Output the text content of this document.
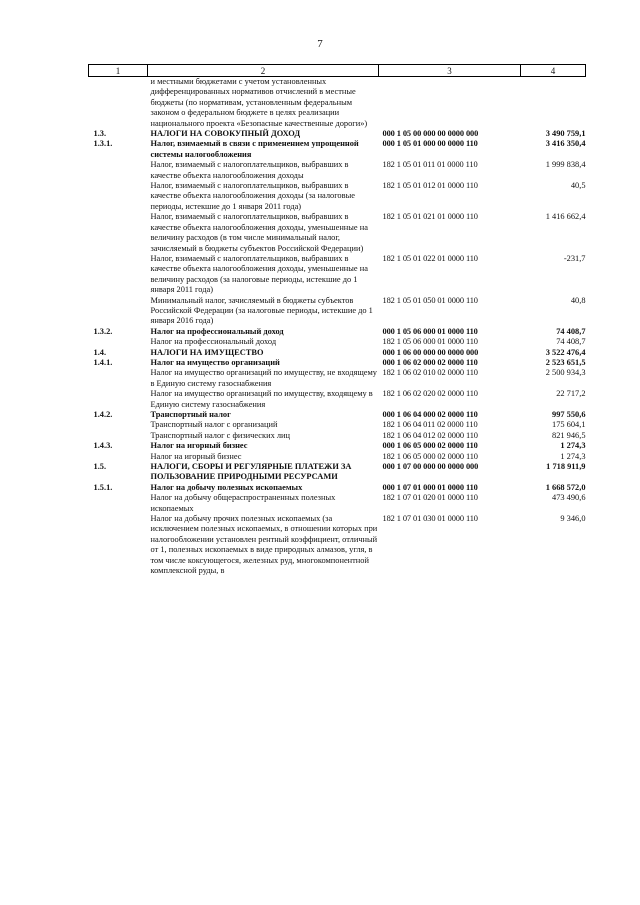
7
1	2	3	4
	и местными бюджетами с учетом установленных дифференцированных нормативов отчислений в местные бюджеты (по нормативам, установленным федеральным законом о федеральном бюджете в целях реализации национального проекта «Безопасные качественные дороги»)		
1.3.	НАЛОГИ НА СОВОКУПНЫЙ ДОХОД	000 1 05 00 000 00 0000 000	3 490 759,1
1.3.1.	Налог, взимаемый в связи с применением упрощенной системы налогообложения	000 1 05 01 000 00 0000 110	3 416 350,4
	Налог, взимаемый с налогоплательщиков, выбравших в качестве объекта налогообложения доходы	182 1 05 01 011 01 0000 110	1 999 838,4
	Налог, взимаемый с налогоплательщиков, выбравших в качестве объекта налогообложения доходы (за налоговые периоды, истекшие до 1 января 2011 года)	182 1 05 01 012 01 0000 110	40,5
	Налог, взимаемый с налогоплательщиков, выбравших в качестве объекта налогообложения доходы, уменьшенные на величину расходов (в том числе минимальный налог, зачисляемый в бюджеты субъектов Российской Федерации)	182 1 05 01 021 01 0000 110	1 416 662,4
	Налог, взимаемый с налогоплательщиков, выбравших в качестве объекта налогообложения доходы, уменьшенные на величину расходов (за налоговые периоды, истекшие до 1 января 2011 года)	182 1 05 01 022 01 0000 110	-231,7
	Минимальный налог, зачисляемый в бюджеты субъектов Российской Федерации (за налоговые периоды, истекшие до 1 января 2016 года)	182 1 05 01 050 01 0000 110	40,8
1.3.2.	Налог на профессиональный доход	000 1 05 06 000 01 0000 110	74 408,7
	Налог на профессиональный доход	182 1 05 06 000 01 0000 110	74 408,7
1.4.	НАЛОГИ НА ИМУЩЕСТВО	000 1 06 00 000 00 0000 000	3 522 476,4
1.4.1.	Налог на имущество организаций	000 1 06 02 000 02 0000 110	2 523 651,5
	Налог на имущество организаций по имуществу, не входящему в Единую систему газоснабжения	182 1 06 02 010 02 0000 110	2 500 934,3
	Налог на имущество организаций по имуществу, входящему в Единую систему газоснабжения	182 1 06 02 020 02 0000 110	22 717,2
1.4.2.	Транспортный налог	000 1 06 04 000 02 0000 110	997 550,6
	Транспортный налог с организаций	182 1 06 04 011 02 0000 110	175 604,1
	Транспортный налог с физических лиц	182 1 06 04 012 02 0000 110	821 946,5
1.4.3.	Налог на игорный бизнес	000 1 06 05 000 02 0000 110	1 274,3
	Налог на игорный бизнес	182 1 06 05 000 02 0000 110	1 274,3
1.5.	НАЛОГИ, СБОРЫ И РЕГУЛЯРНЫЕ ПЛАТЕЖИ ЗА ПОЛЬЗОВАНИЕ ПРИРОДНЫМИ РЕСУРСАМИ	000 1 07 00 000 00 0000 000	1 718 911,9
1.5.1.	Налог на добычу полезных ископаемых	000 1 07 01 000 01 0000 110	1 668 572,0
	Налог на добычу общераспространенных полезных ископаемых	182 1 07 01 020 01 0000 110	473 490,6
	Налог на добычу прочих полезных ископаемых (за исключением полезных ископаемых, в отношении которых при налогообложении установлен рентный коэффициент, отличный от 1, полезных ископаемых в виде природных алмазов, угля, в том числе коксующегося, железных руд, многокомпонентной комплексной руды, в	182 1 07 01 030 01 0000 110	9 346,0
